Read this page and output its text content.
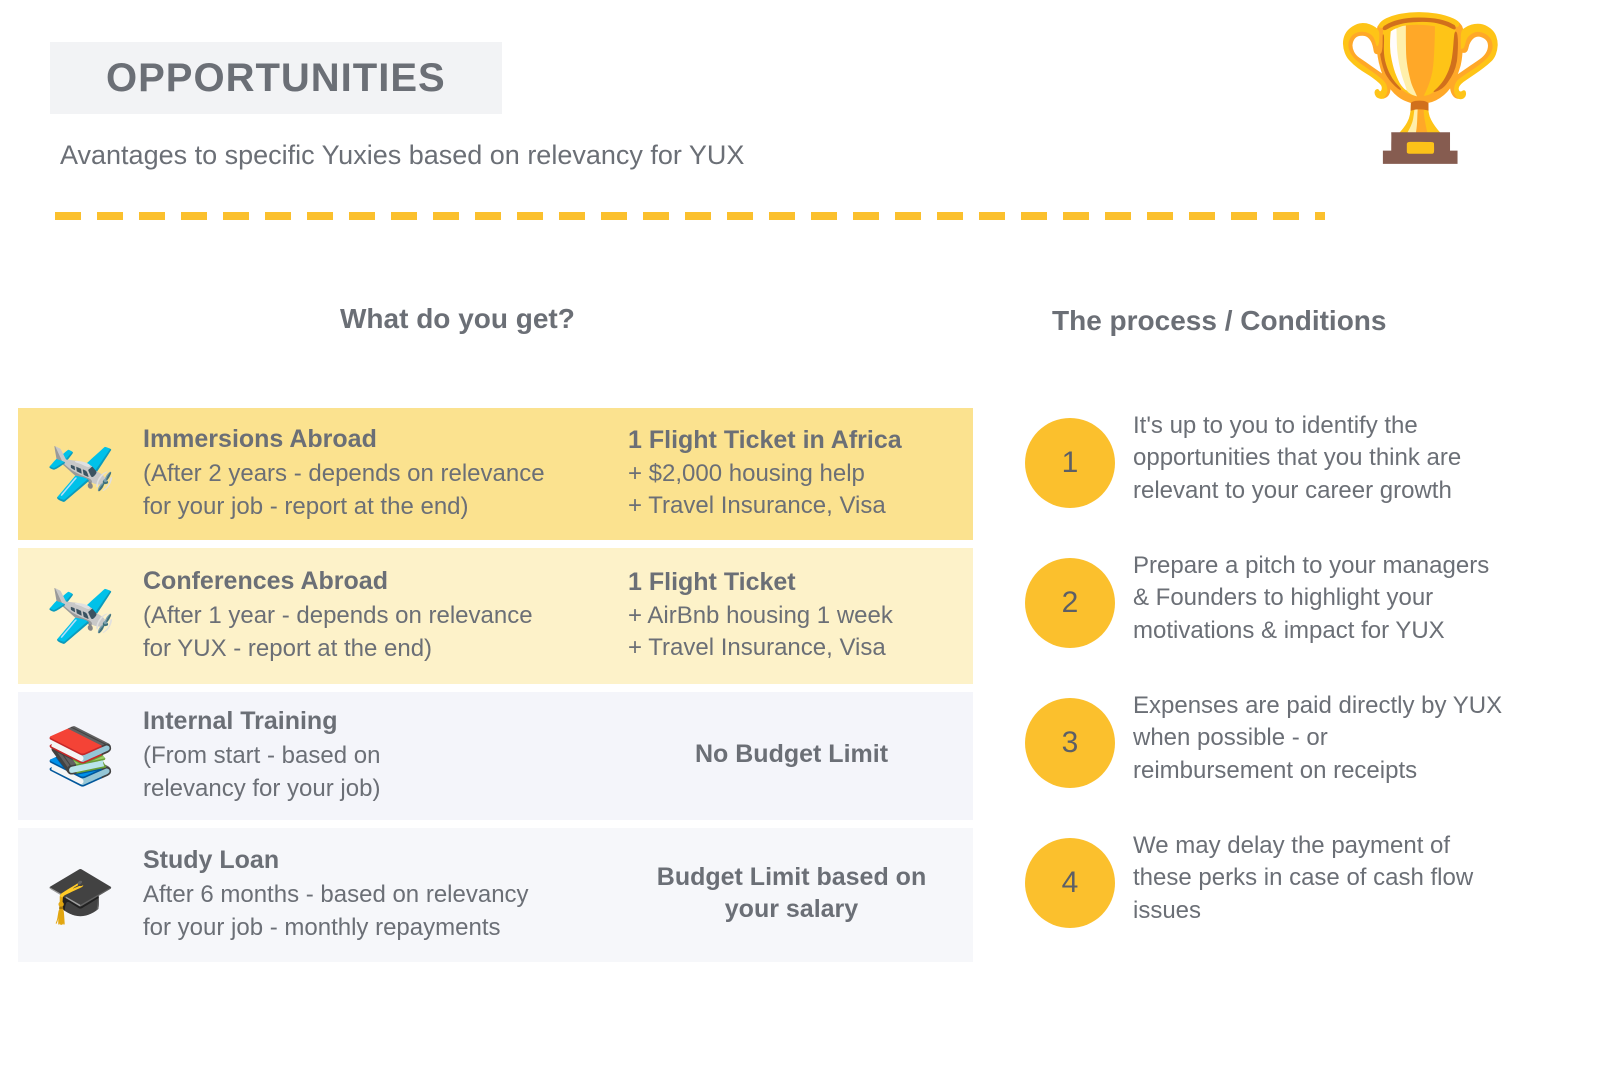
OPPORTUNITIES
Avantages to specific Yuxies based on relevancy for YUX	🏆
What do you get?	The process / Conditions
🛩️
Immersions Abroad
(After 2 years - depends on relevance
for your job - report at the end)
1 Flight Ticket in Africa
+ $2,000 housing help
+ Travel Insurance, Visa
🛩️
Conferences Abroad
(After 1 year - depends on relevance
for YUX - report at the end)
1 Flight Ticket
+ AirBnb housing 1 week
+ Travel Insurance, Visa
📚
Internal Training
(From start - based on
relevancy for your job)
No Budget Limit
🎓
Study Loan
After 6 months - based on relevancy
for your job - monthly repayments
Budget Limit based on
your salary
1
It's up to you to identify the
opportunities that you think are
relevant to your career growth
2
Prepare a pitch to your managers
& Founders to highlight your
motivations & impact for YUX
3
Expenses are paid directly by YUX
when possible - or
reimbursement on receipts
4
We may delay the payment of
these perks in case of cash flow
issues
